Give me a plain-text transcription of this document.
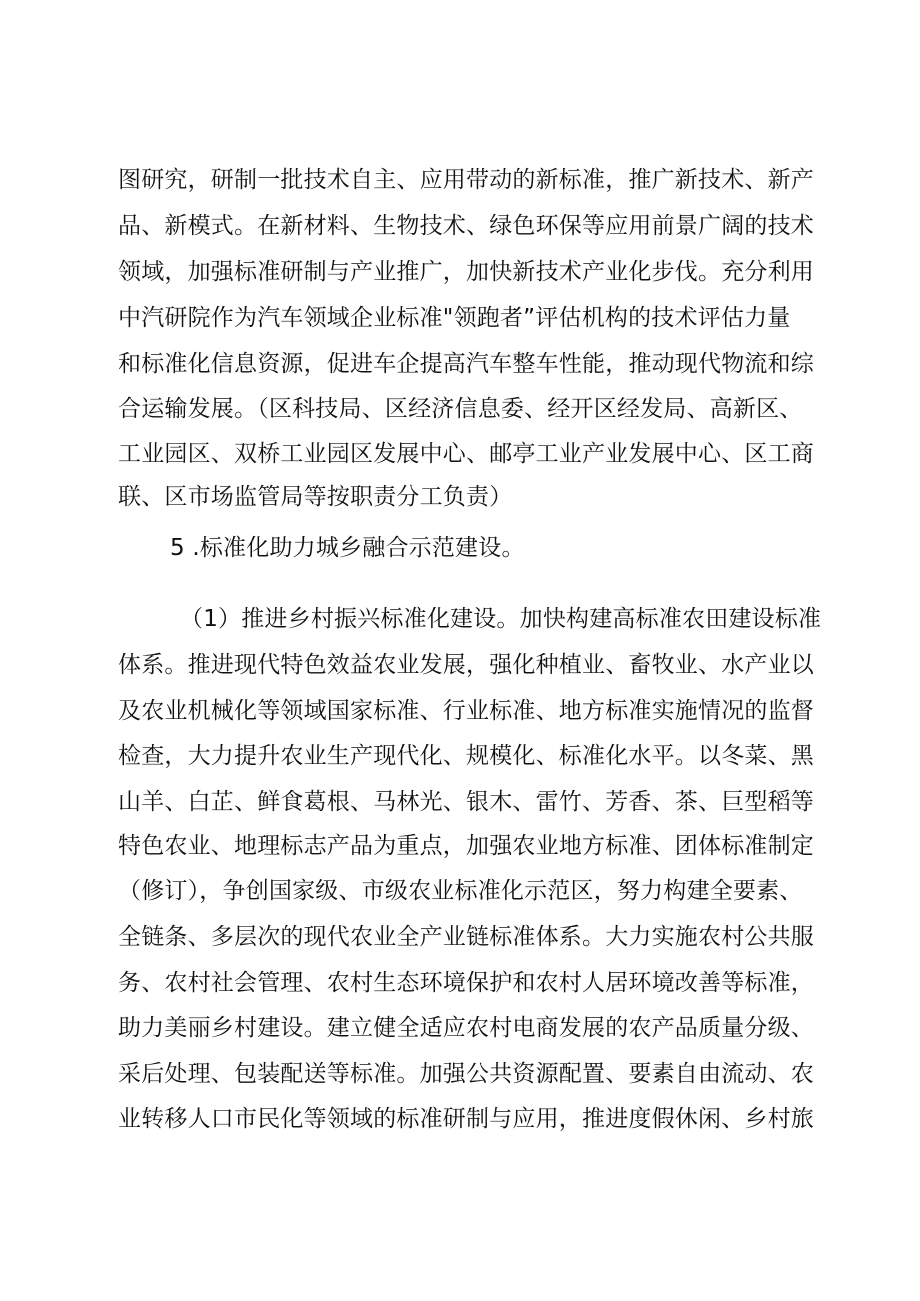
图研究，研制一批技术自主、应用带动的新标准，推广新技术、新产
品、新模式。在新材料、生物技术、绿色环保等应用前景广阔的技术
领域，加强标准研制与产业推广，加快新技术产业化步伐。充分利用
中汽研院作为汽车领域企业标准"领跑者”评估机构的技术评估力量
和标准化信息资源，促进车企提高汽车整车性能，推动现代物流和综
合运输发展。（区科技局、区经济信息委、经开区经发局、高新区、
工业园区、双桥工业园区发展中心、邮亭工业产业发展中心、区工商
联、区市场监管局等按职责分工负责）
5 .标准化助力城乡融合示范建设。
（1）推进乡村振兴标准化建设。加快构建高标准农田建设标准
体系。推进现代特色效益农业发展，强化种植业、畜牧业、水产业以
及农业机械化等领域国家标准、行业标准、地方标准实施情况的监督
检查，大力提升农业生产现代化、规模化、标准化水平。以冬菜、黑
山羊、白芷、鲜食葛根、马林光、银木、雷竹、芳香、茶、巨型稻等
特色农业、地理标志产品为重点，加强农业地方标准、团体标准制定
（修订），争创国家级、市级农业标准化示范区，努力构建全要素、
全链条、多层次的现代农业全产业链标准体系。大力实施农村公共服
务、农村社会管理、农村生态环境保护和农村人居环境改善等标准，
助力美丽乡村建设。建立健全适应农村电商发展的农产品质量分级、
采后处理、包装配送等标准。加强公共资源配置、要素自由流动、农
业转移人口市民化等领域的标准研制与应用，推进度假休闲、乡村旅
